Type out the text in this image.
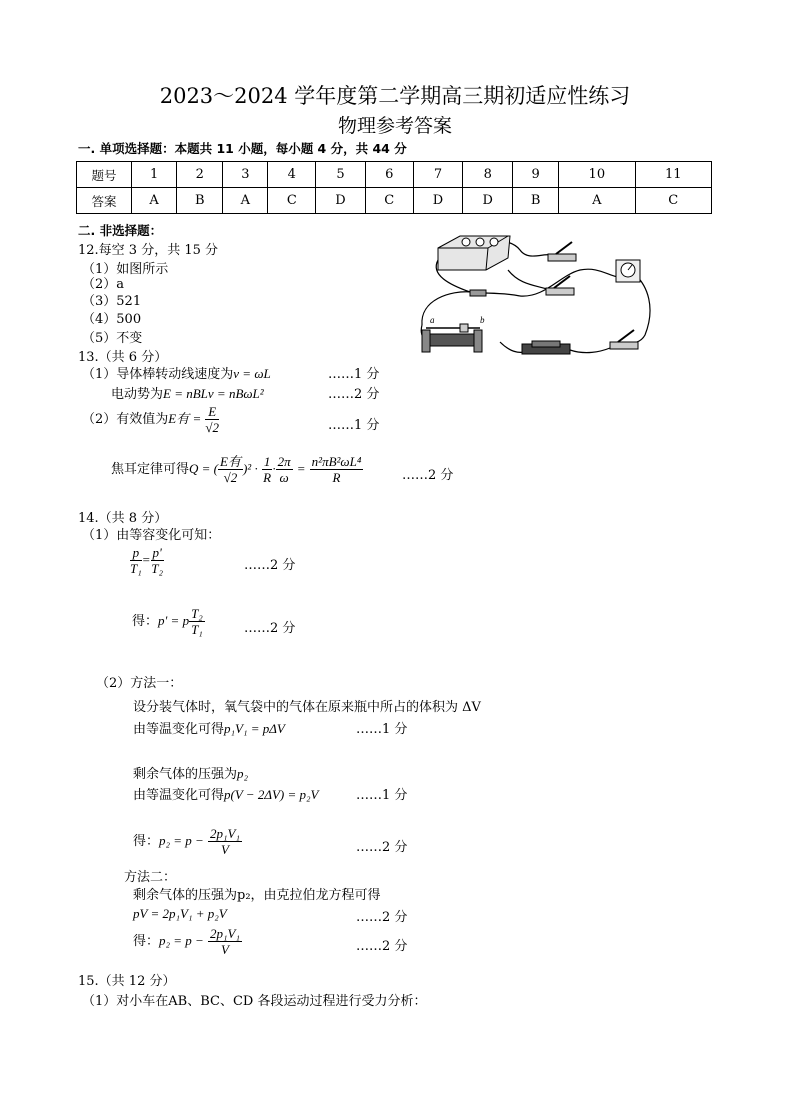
2023～2024 学年度第二学期高三期初适应性练习
物理参考答案
一. 单项选择题：本题共 11 小题，每小题 4 分，共 44 分
题号	1	2	3	4	5	6	7	8	9	10	11
答案	A	B	A	C	D	C	D	D	B	A	C
二. 非选择题：
12.每空 3 分，共 15 分
（1）如图所示
（2）a
（3）521
（4）500
（5）不变
a	b
13.（共 6 分）
（1）导体棒转动线速度为v = ωL	……1 分
电动势为E = nBLv = nBωL²	……2 分
（2）有效值为E有 = $\frac{E}{√2}$	……1 分
焦耳定律可得Q = ( $\frac{\text{E有}}{√2} )^2 \cdot \frac{1}{R} \cdot \frac{2\pi}{\omega} = \frac{\text{n²πB²ωL⁴}}{R}$	……2 分
14.（共 8 分）
（1）由等容变化可知：
$\frac{p}{\text{T₁}} = \frac{p'}{\text{T₂}}$	……2 分
得：p' = p $\frac{\text{T₂}}{\text{T₁}}$	……2 分
（2）方法一：
设分装气体时，氧气袋中的气体在原来瓶中所占的体积为 ΔV
由等温变化可得p₁V₁ = pΔV	……1 分
剩余气体的压强为p₂
由等温变化可得p(V − 2ΔV) = p₂V	……1 分
得：$p_2 = p - \frac{\text{2p₁V₁}}{V}$	……2 分
方法二：
剩余气体的压强为p₂，由克拉伯龙方程可得
pV = 2p₁V₁ + p₂V	……2 分
得：$p_2 = p - \frac{\text{2p₁V₁}}{V}$	……2 分
15.（共 12 分）
（1）对小车在AB、BC、CD 各段运动过程进行受力分析：
